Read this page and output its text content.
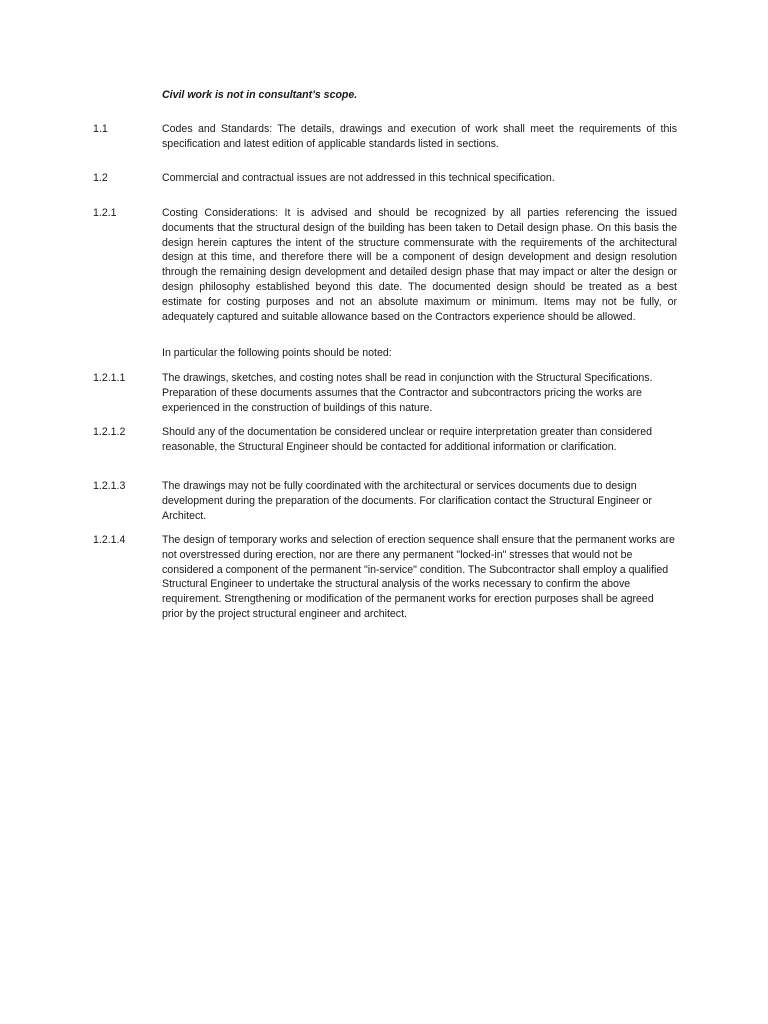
Civil work is not in consultant’s scope.
1.1	Codes and Standards: The details, drawings and execution of work shall meet the requirements of this specification and latest edition of applicable standards listed in sections.
1.2	Commercial and contractual issues are not addressed in this technical specification.
1.2.1	Costing Considerations: It is advised and should be recognized by all parties referencing the issued documents that the structural design of the building has been taken to Detail design phase. On this basis the design herein captures the intent of the structure commensurate with the requirements of the architectural design at this time, and therefore there will be a component of design development and design resolution through the remaining design development and detailed design phase that may impact or alter the design or design philosophy established beyond this date. The documented design should be treated as a best estimate for costing purposes and not an absolute maximum or minimum. Items may not be fully, or adequately captured and suitable allowance based on the Contractors experience should be allowed.
In particular the following points should be noted:
1.2.1.1	The drawings, sketches, and costing notes shall be read in conjunction with the Structural Specifications. Preparation of these documents assumes that the Contractor and subcontractors pricing the works are experienced in the construction of buildings of this nature.
1.2.1.2	Should any of the documentation be considered unclear or require interpretation greater than considered reasonable, the Structural Engineer should be contacted for additional information or clarification.
1.2.1.3	The drawings may not be fully coordinated with the architectural or services documents due to design development during the preparation of the documents. For clarification contact the Structural Engineer or Architect.
1.2.1.4	The design of temporary works and selection of erection sequence shall ensure that the permanent works are not overstressed during erection, nor are there any permanent "locked-in" stresses that would not be considered a component of the permanent "in-service" condition. The Subcontractor shall employ a qualified Structural Engineer to undertake the structural analysis of the works necessary to confirm the above requirement. Strengthening or modification of the permanent works for erection purposes shall be agreed prior by the project structural engineer and architect.
